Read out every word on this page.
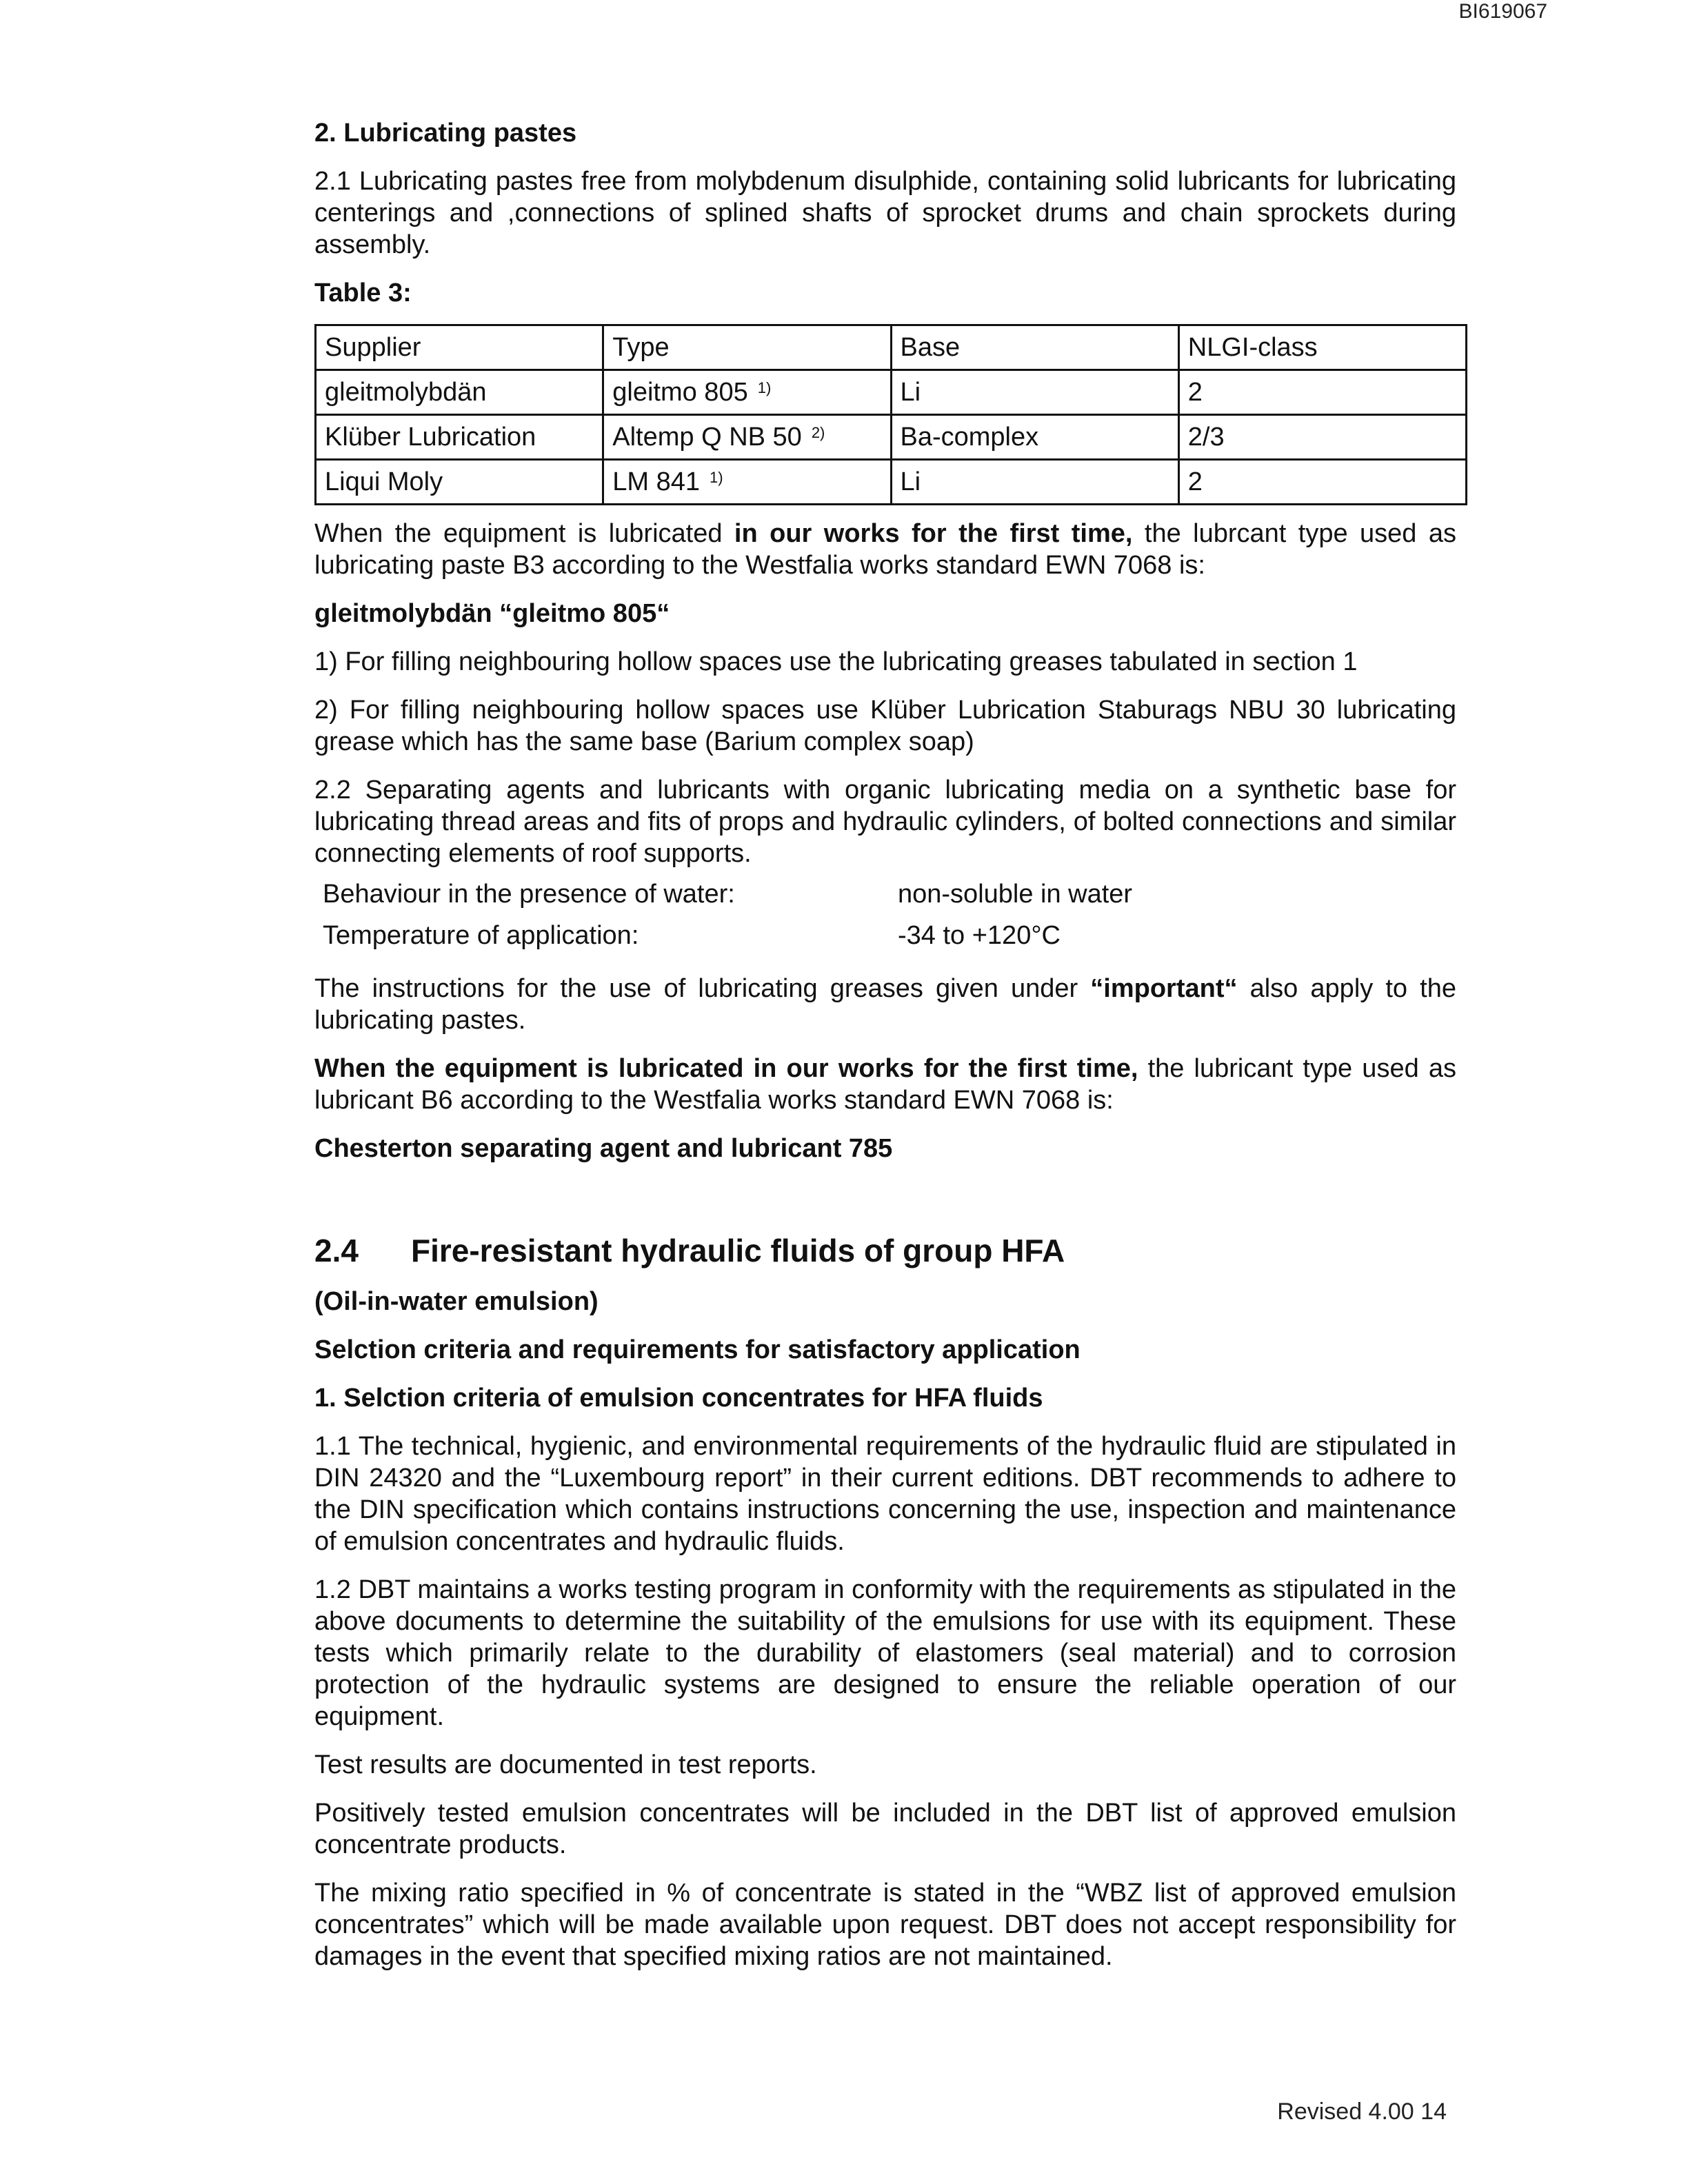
BI619067
2. Lubricating pastes

2.1 Lubricating pastes free from molybdenum disulphide, containing solid lubricants for lubricating centerings and ,connections of splined shafts of sprocket drums and chain sprockets during assembly.

Table 3:

Supplier	Type	Base	NLGI-class
gleitmolybdän	gleitmo 805 $^{1)}$	Li	2
Klüber Lubrication	Altemp Q NB 50 $^{2)}$	Ba-complex	2/3
Liqui Moly	LM 841 $^{1)}$	Li	2

When the equipment is lubricated in our works for the first time, the lubrcant type used as lubricating paste B3 according to the Westfalia works standard EWN 7068 is:

gleitmolybdän “gleitmo 805“

1) For filling neighbouring hollow spaces use the lubricating greases tabulated in section 1

2) For filling neighbouring hollow spaces use Klüber Lubrication Staburags NBU 30 lubricating grease which has the same base (Barium complex soap)

2.2 Separating agents and lubricants with organic lubricating media on a synthetic base for lubricating thread areas and fits of props and hydraulic cylinders, of bolted connections and similar connecting elements of roof supports.

Behaviour in the presence of water:	non-soluble in water
Temperature of application:	-34 to +120°C

The instructions for the use of lubricating greases given under “important“ also apply to the lubricating pastes.

When the equipment is lubricated in our works for the first time, the lubricant type used as lubricant B6 according to the Westfalia works standard EWN 7068 is:

Chesterton separating agent and lubricant 785

2.4	Fire-resistant hydraulic fluids of group HFA

(Oil-in-water emulsion)

Selction criteria and requirements for satisfactory application

1. Selction criteria of emulsion concentrates for HFA fluids

1.1 The technical, hygienic, and environmental requirements of the hydraulic fluid are stipulated in DIN 24320 and the “Luxembourg report” in their current editions. DBT recommends to adhere to the DIN specification which contains instructions concerning the use, inspection and maintenance of emulsion concentrates and hydraulic fluids.

1.2 DBT maintains a works testing program in conformity with the requirements as stipulated in the above documents to determine the suitability of the emulsions for use with its equipment. These tests which primarily relate to the durability of elastomers (seal material) and to corrosion protection of the hydraulic systems are designed to ensure the reliable operation of our equipment.

Test results are documented in test reports.

Positively tested emulsion concentrates will be included in the DBT list of approved emulsion concentrate products.

The mixing ratio specified in % of concentrate is stated in the “WBZ list of approved emulsion concentrates” which will be made available upon request. DBT does not accept responsibility for damages in the event that specified mixing ratios are not maintained.

Revised 4.00 14
